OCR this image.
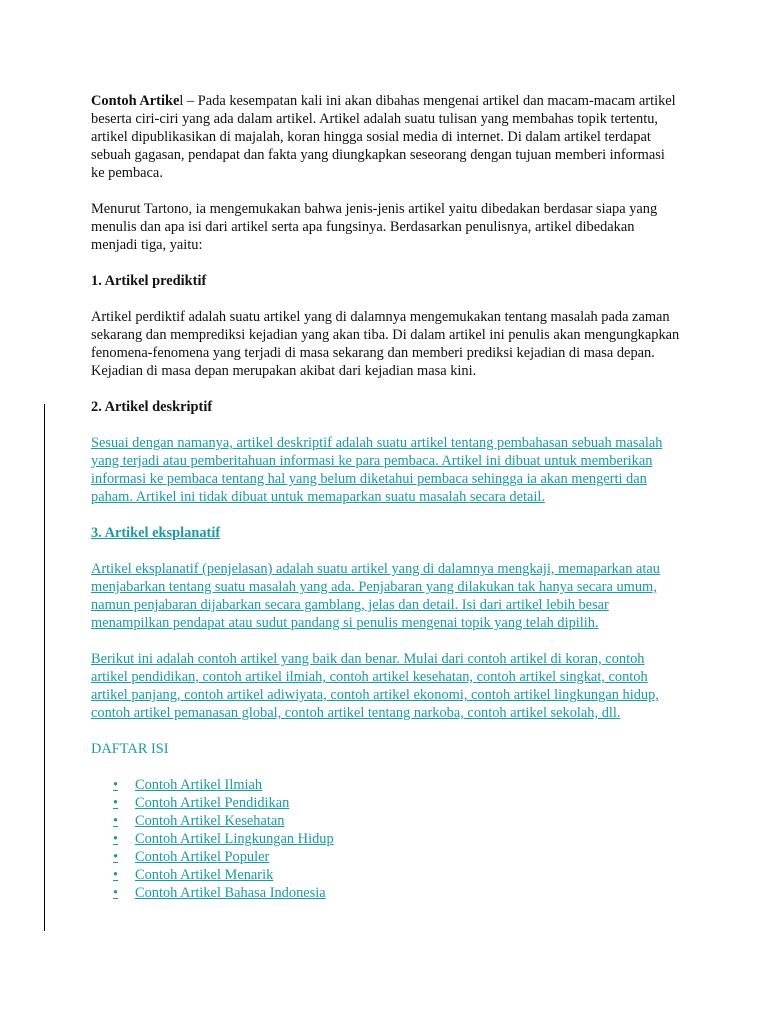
Contoh Artikel – Pada kesempatan kali ini akan dibahas mengenai artikel dan macam-macam artikel beserta ciri-ciri yang ada dalam artikel. Artikel adalah suatu tulisan yang membahas topik tertentu, artikel dipublikasikan di majalah, koran hingga sosial media di internet. Di dalam artikel terdapat sebuah gagasan, pendapat dan fakta yang diungkapkan seseorang dengan tujuan memberi informasi ke pembaca.

Menurut Tartono, ia mengemukakan bahwa jenis-jenis artikel yaitu dibedakan berdasar siapa yang menulis dan apa isi dari artikel serta apa fungsinya. Berdasarkan penulisnya, artikel dibedakan menjadi tiga, yaitu:

1. Artikel prediktif

Artikel perdiktif adalah suatu artikel yang di dalamnya mengemukakan tentang masalah pada zaman sekarang dan memprediksi kejadian yang akan tiba. Di dalam artikel ini penulis akan mengungkapkan fenomena-fenomena yang terjadi di masa sekarang dan memberi prediksi kejadian di masa depan. Kejadian di masa depan merupakan akibat dari kejadian masa kini.

2. Artikel deskriptif

Sesuai dengan namanya, artikel deskriptif adalah suatu artikel tentang pembahasan sebuah masalah yang terjadi atau pemberitahuan informasi ke para pembaca. Artikel ini dibuat untuk memberikan informasi ke pembaca tentang hal yang belum diketahui pembaca sehingga ia akan mengerti dan paham. Artikel ini tidak dibuat untuk memaparkan suatu masalah secara detail.

3. Artikel eksplanatif

Artikel eksplanatif (penjelasan) adalah suatu artikel yang di dalamnya mengkaji, memaparkan atau menjabarkan tentang suatu masalah yang ada. Penjabaran yang dilakukan tak hanya secara umum, namun penjabaran dijabarkan secara gamblang, jelas dan detail. Isi dari artikel lebih besar menampilkan pendapat atau sudut pandang si penulis mengenai topik yang telah dipilih.

Berikut ini adalah contoh artikel yang baik dan benar. Mulai dari contoh artikel di koran, contoh artikel pendidikan, contoh artikel ilmiah, contoh artikel kesehatan, contoh artikel singkat, contoh artikel panjang, contoh artikel adiwiyata, contoh artikel ekonomi, contoh artikel lingkungan hidup, contoh artikel pemanasan global, contoh artikel tentang narkoba, contoh artikel sekolah, dll.

DAFTAR ISI

• Contoh Artikel Ilmiah
• Contoh Artikel Pendidikan
• Contoh Artikel Kesehatan
• Contoh Artikel Lingkungan Hidup
• Contoh Artikel Populer
• Contoh Artikel Menarik
• Contoh Artikel Bahasa Indonesia
